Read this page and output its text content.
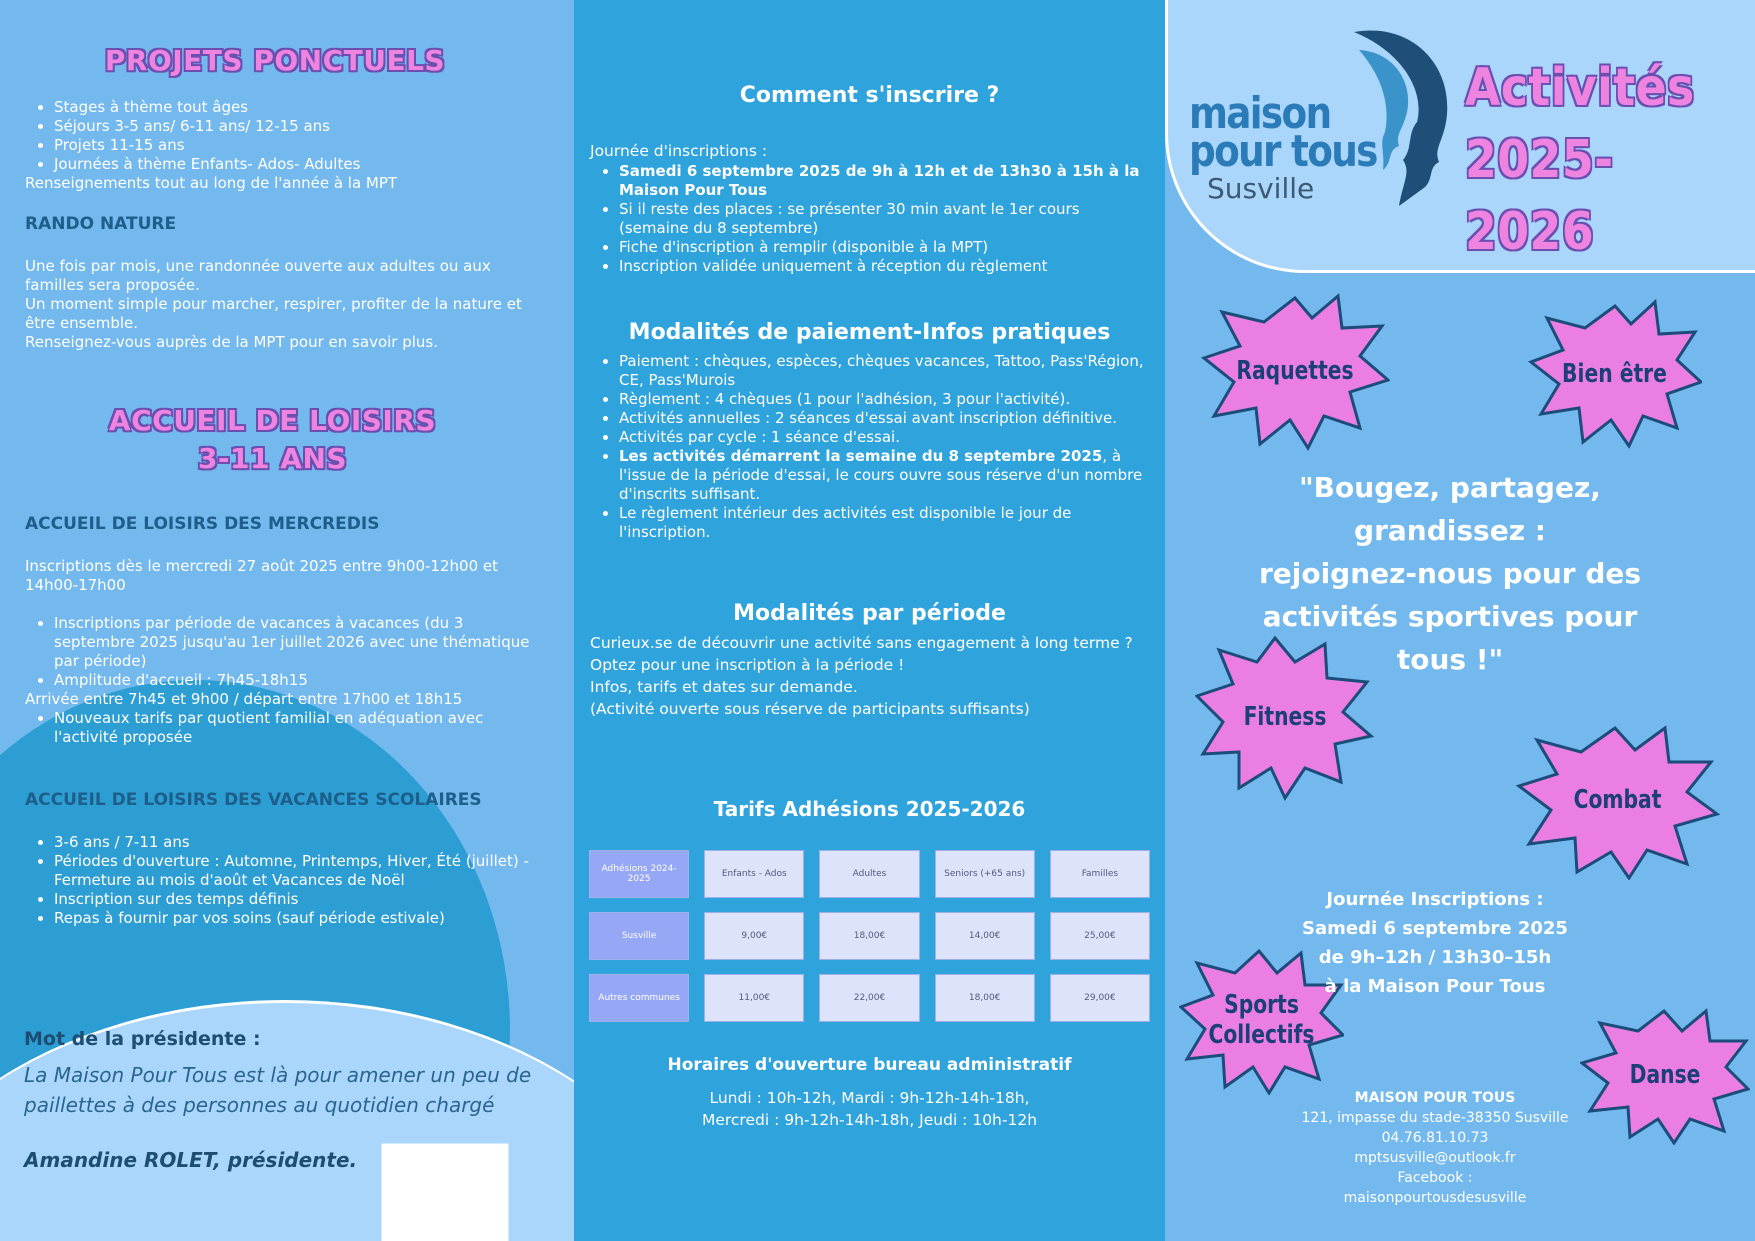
PROJETS PONCTUELS
• Stages à thème tout âges
• Séjours 3-5 ans/ 6-11 ans/ 12-15 ans
• Projets 11-15 ans
• Journées à thème Enfants- Ados- Adultes
Renseignements tout au long de l'année à la MPT
RANDO NATURE
Une fois par mois, une randonnée ouverte aux adultes ou aux familles sera proposée.
Un moment simple pour marcher, respirer, profiter de la nature et être ensemble.
Renseignez-vous auprès de la MPT pour en savoir plus.
ACCUEIL DE LOISIRS
3-11 ANS
ACCUEIL DE LOISIRS DES MERCREDIS
Inscriptions dès le mercredi 27 août 2025 entre 9h00-12h00 et 14h00-17h00
• Inscriptions par période de vacances à vacances (du 3 septembre 2025 jusqu'au 1er juillet 2026 avec une thématique par période)
• Amplitude d'accueil : 7h45-18h15
Arrivée entre 7h45 et 9h00 / départ entre 17h00 et 18h15
• Nouveaux tarifs par quotient familial en adéquation avec l'activité proposée
ACCUEIL DE LOISIRS DES VACANCES SCOLAIRES
• 3-6 ans / 7-11 ans
• Périodes d'ouverture : Automne, Printemps, Hiver, Été (juillet) - Fermeture au mois d'août et Vacances de Noël
• Inscription sur des temps définis
• Repas à fournir par vos soins (sauf période estivale)
Mot de la présidente :
La Maison Pour Tous est là pour amener un peu de
paillettes à des personnes au quotidien chargé
Amandine ROLET, présidente.
Comment s'inscrire ?
Journée d'inscriptions :
• Samedi 6 septembre 2025 de 9h à 12h et de 13h30 à 15h à la Maison Pour Tous
• Si il reste des places : se présenter 30 min avant le 1er cours (semaine du 8 septembre)
• Fiche d'inscription à remplir (disponible à la MPT)
• Inscription validée uniquement à réception du règlement
Modalités de paiement-Infos pratiques
• Paiement : chèques, espèces, chèques vacances, Tattoo, Pass'Région, CE, Pass'Murois
• Règlement : 4 chèques (1 pour l'adhésion, 3 pour l'activité).
• Activités annuelles : 2 séances d'essai avant inscription définitive.
• Activités par cycle : 1 séance d'essai.
• Les activités démarrent la semaine du 8 septembre 2025, à l'issue de la période d'essai, le cours ouvre sous réserve d'un nombre d'inscrits suffisant.
• Le règlement intérieur des activités est disponible le jour de l'inscription.
Modalités par période
Curieux.se de découvrir une activité sans engagement à long terme ?
Optez pour une inscription à la période !
Infos, tarifs et dates sur demande.
(Activité ouverte sous réserve de participants suffisants)
Tarifs Adhésions 2025-2026
Adhésions 2024-2025	Enfants - Ados	Adultes	Seniors (+65 ans)	Familles
Susville	9,00€	18,00€	14,00€	25,00€
Autres communes	11,00€	22,00€	18,00€	29,00€
Horaires d'ouverture bureau administratif
Lundi : 10h-12h, Mardi : 9h-12h-14h-18h,
Mercredi : 9h-12h-14h-18h, Jeudi : 10h-12h
maison
pour tous
Susville
Activités
2025-2026
Raquettes	Bien être
Fitness
Combat
Sports
Collectifs
Danse
"Bougez, partagez,
grandissez :
rejoignez-nous pour des
activités sportives pour
tous !"
Journée Inscriptions :
Samedi 6 septembre 2025
de 9h–12h / 13h30–15h
à la Maison Pour Tous
MAISON POUR TOUS
121, impasse du stade-38350 Susville
04.76.81.10.73
mptsusville@outlook.fr
Facebook :
maisonpourtousdesusville
